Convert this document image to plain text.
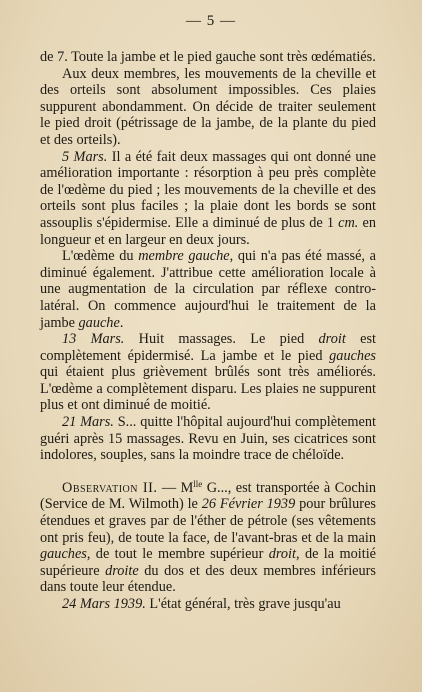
— 5 —

de 7. Toute la jambe et le pied gauche sont très œdématiés.

Aux deux membres, les mouvements de la cheville et des orteils sont absolument impossibles. Ces plaies suppurent abondamment. On décide de traiter seulement le pied droit (pétrissage de la jambe, de la plante du pied et des orteils).

5 Mars. Il a été fait deux massages qui ont donné une amélioration importante : résorption à peu près complète de l'œdème du pied ; les mouvements de la cheville et des orteils sont plus faciles ; la plaie dont les bords se sont assouplis s'épidermise. Elle a diminué de plus de 1 cm. en longueur et en largeur en deux jours.

L'œdème du membre gauche, qui n'a pas été massé, a diminué également. J'attribue cette amélioration locale à une augmentation de la circulation par réflexe contro-latéral. On commence aujourd'hui le traitement de la jambe gauche.

13 Mars. Huit massages. Le pied droit est complètement épidermisé. La jambe et le pied gauches qui étaient plus grièvement brûlés sont très améliorés. L'œdème a complètement disparu. Les plaies ne suppurent plus et ont diminué de moitié.

21 Mars. S... quitte l'hôpital aujourd'hui complètement guéri après 15 massages. Revu en Juin, ses cicatrices sont indolores, souples, sans la moindre trace de chéloïde.

Observation II. — $M^{lle}$ G..., est transportée à Cochin (Service de M. Wilmoth) le 26 Février 1939 pour brûlures étendues et graves par de l'éther de pétrole (ses vêtements ont pris feu), de toute la face, de l'avant-bras et de la main gauches, de tout le membre supérieur droit, de la moitié supérieure droite du dos et des deux membres inférieurs dans toute leur étendue.

24 Mars 1939. L'état général, très grave jusqu'au
